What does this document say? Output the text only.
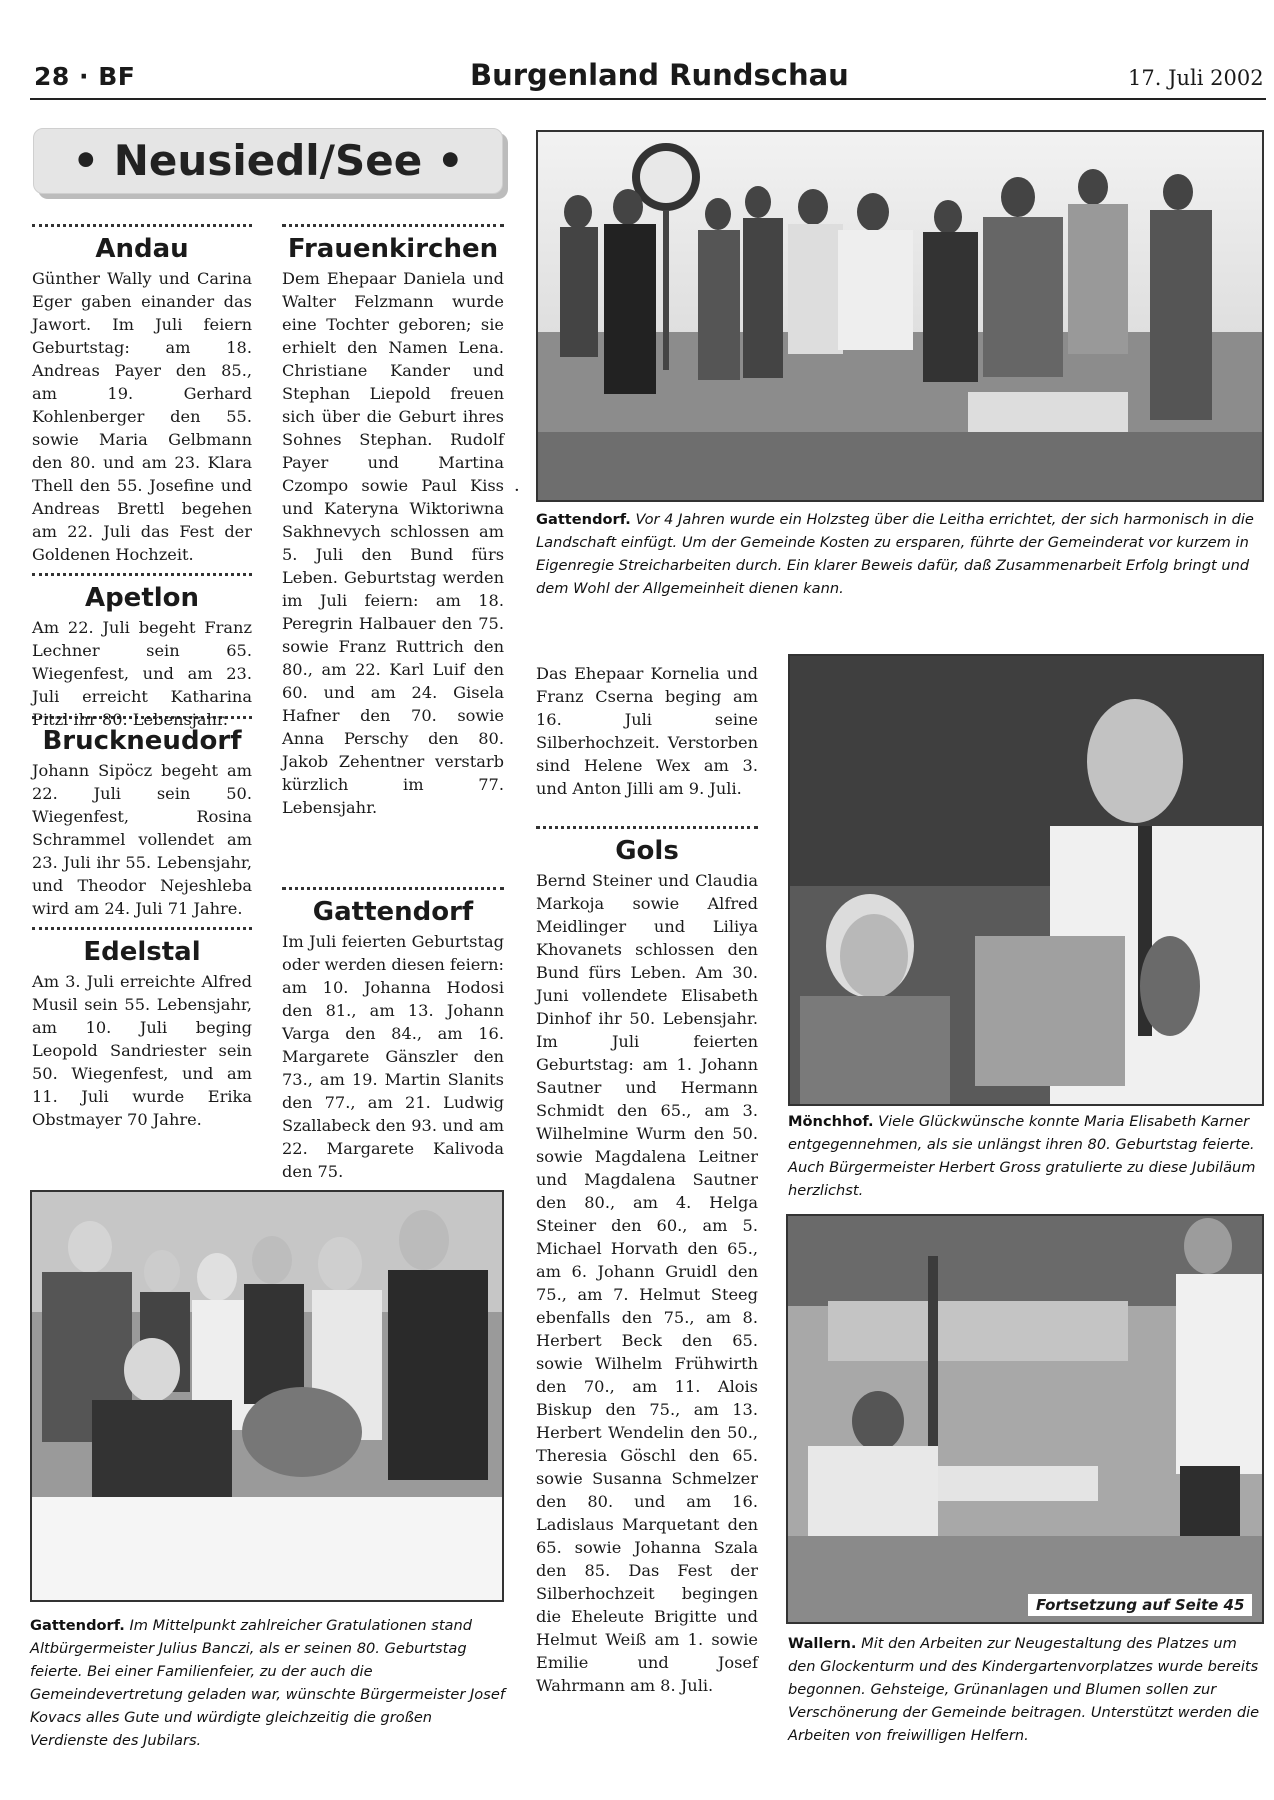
28 · BF	Burgenland Rundschau	17. Juli 2002
• Neusiedl/See •
Andau
Günther Wally und Carina Eger gaben einander das Jawort. Im Juli feiern Geburtstag: am 18. Andreas Payer den 85., am 19. Gerhard Kohlenberger den 55. sowie Maria Gelbmann den 80. und am 23. Klara Thell den 55. Josefine und Andreas Brettl begehen am 22. Juli das Fest der Goldenen Hochzeit.
Apetlon
Am 22. Juli begeht Franz Lechner sein 65. Wiegenfest, und am 23. Juli erreicht Katharina Pitzl ihr 80. Lebensjahr.
Bruckneudorf
Johann Sipöcz begeht am 22. Juli sein 50. Wiegenfest, Rosina Schrammel vollendet am 23. Juli ihr 55. Lebensjahr, und Theodor Nejeshleba wird am 24. Juli 71 Jahre.
Edelstal
Am 3. Juli erreichte Alfred Musil sein 55. Lebensjahr, am 10. Juli beging Leopold Sandriester sein 50. Wiegenfest, und am 11. Juli wurde Erika Obstmayer 70 Jahre.
Frauenkirchen
Dem Ehepaar Daniela und Walter Felzmann wurde eine Tochter geboren; sie erhielt den Namen Lena. Christiane Kander und Stephan Liepold freuen sich über die Geburt ihres Sohnes Stephan. Rudolf Payer und Martina Czompo sowie Paul Kiss und Kateryna Wiktoriwna Sakhnevych schlossen am 5. Juli den Bund fürs Leben. Geburtstag werden im Juli feiern: am 18. Peregrin Halbauer den 75. sowie Franz Ruttrich den 80., am 22. Karl Luif den 60. und am 24. Gisela Hafner den 70. sowie Anna Perschy den 80. Jakob Zehentner verstarb kürzlich im 77. Lebensjahr.
Gattendorf
Im Juli feierten Geburtstag oder werden diesen feiern: am 10. Johanna Hodosi den 81., am 13. Johann Varga den 84., am 16. Margarete Gänszler den 73., am 19. Martin Slanits den 77., am 21. Ludwig Szallabeck den 93. und am 22. Margarete Kalivoda den 75.
·
Gattendorf. Vor 4 Jahren wurde ein Holzsteg über die Leitha errichtet, der sich harmonisch in die Landschaft einfügt. Um der Gemeinde Kosten zu ersparen, führte der Gemeinderat vor kurzem in Eigenregie Streicharbeiten durch. Ein klarer Beweis dafür, daß Zusammenarbeit Erfolg bringt und dem Wohl der Allgemeinheit dienen kann.
Das Ehepaar Kornelia und Franz Cserna beging am 16. Juli seine Silberhochzeit. Verstorben sind Helene Wex am 3. und Anton Jilli am 9. Juli.
Gols
Bernd Steiner und Claudia Markoja sowie Alfred Meidlinger und Liliya Khovanets schlossen den Bund fürs Leben. Am 30. Juni vollendete Elisabeth Dinhof ihr 50. Lebensjahr. Im Juli feierten Geburtstag: am 1. Johann Sautner und Hermann Schmidt den 65., am 3. Wilhelmine Wurm den 50. sowie Magdalena Leitner und Magdalena Sautner den 80., am 4. Helga Steiner den 60., am 5. Michael Horvath den 65., am 6. Johann Gruidl den 75., am 7. Helmut Steeg ebenfalls den 75., am 8. Herbert Beck den 65. sowie Wilhelm Frühwirth den 70., am 11. Alois Biskup den 75., am 13. Herbert Wendelin den 50., Theresia Göschl den 65. sowie Susanna Schmelzer den 80. und am 16. Ladislaus Marquetant den 65. sowie Johanna Szala den 85. Das Fest der Silberhochzeit begingen die Eheleute Brigitte und Helmut Weiß am 1. sowie Emilie und Josef Wahrmann am 8. Juli.
Mönchhof. Viele Glückwünsche konnte Maria Elisabeth Karner entgegennehmen, als sie unlängst ihren 80. Geburtstag feierte. Auch Bürgermeister Herbert Gross gratulierte zu diese Jubiläum herzlichst.
Gattendorf. Im Mittelpunkt zahlreicher Gratulationen stand Altbürgermeister Julius Banczi, als er seinen 80. Geburtstag feierte. Bei einer Familienfeier, zu der auch die Gemeindevertretung geladen war, wünschte Bürgermeister Josef Kovacs alles Gute und würdigte gleichzeitig die großen Verdienste des Jubilars.
Fortsetzung auf Seite 45
Wallern. Mit den Arbeiten zur Neugestaltung des Platzes um den Glockenturm und des Kindergartenvorplatzes wurde bereits begonnen. Gehsteige, Grünanlagen und Blumen sollen zur Verschönerung der Gemeinde beitragen. Unterstützt werden die Arbeiten von freiwilligen Helfern.
